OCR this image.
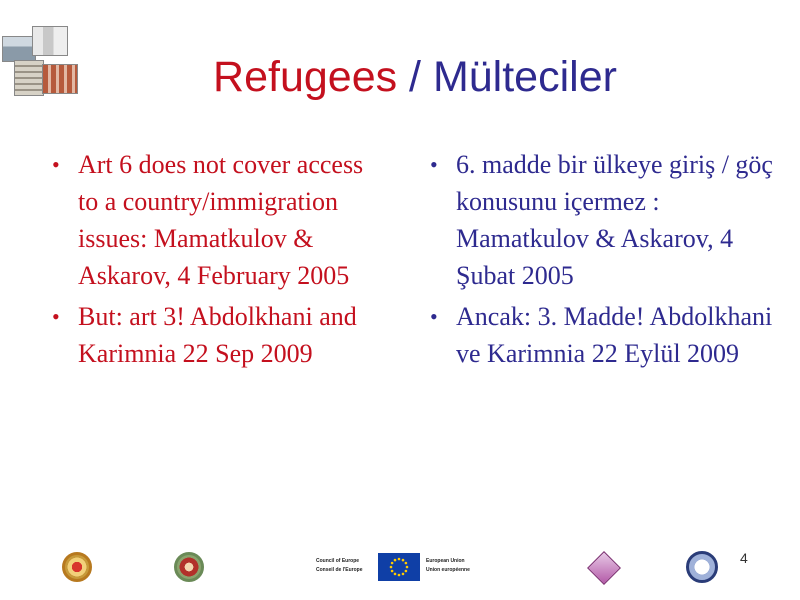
Refugees / Mülteciler
• Art 6 does not cover access to a country/immigration issues: Mamatkulov & Askarov, 4 February 2005
• But: art 3! Abdolkhani and Karimnia 22 Sep 2009
• 6. madde bir ülkeye giriş / göç konusunu içermez : Mamatkulov & Askarov, 4 Şubat 2005
• Ancak: 3. Madde! Abdolkhani ve Karimnia 22 Eylül 2009
Council of Europe
Conseil de l'Europe
European Union
Union européenne
4
